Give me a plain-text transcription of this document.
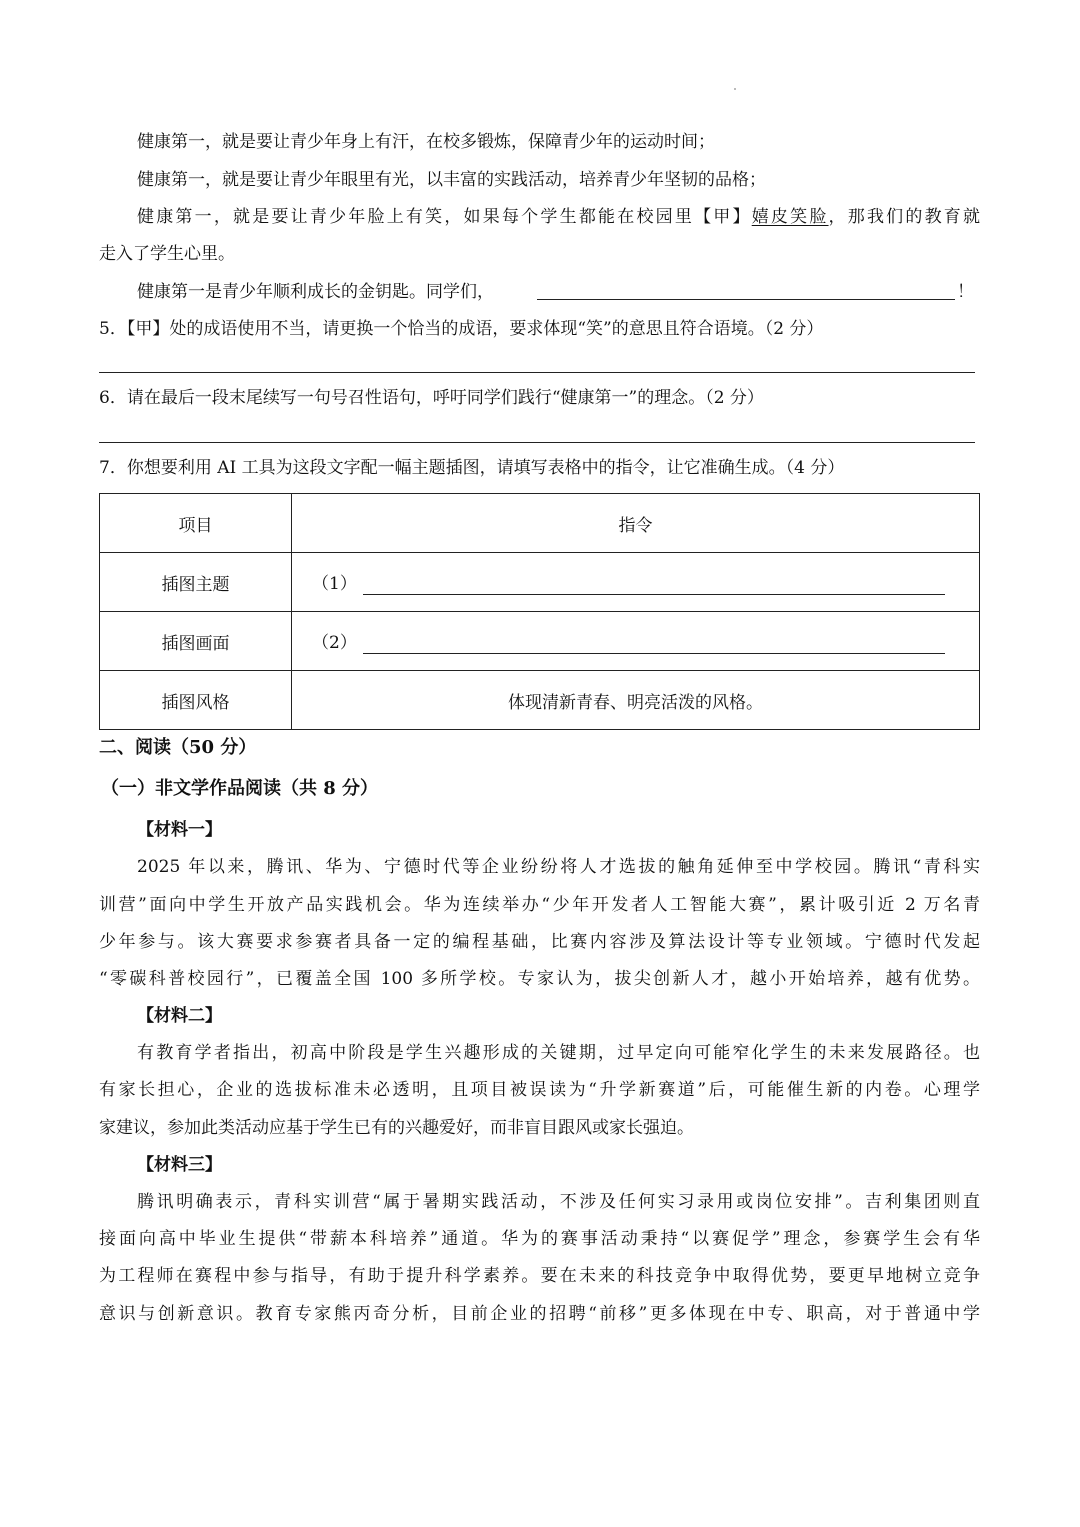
健康第一，就是要让青少年身上有汗，在校多锻炼，保障青少年的运动时间；
健康第一，就是要让青少年眼里有光，以丰富的实践活动，培养青少年坚韧的品格；
健康第一，就是要让青少年脸上有笑，如果每个学生都能在校园里【甲】嬉皮笑脸，那我们的教育就
走入了学生心里。
健康第一是青少年顺利成长的金钥匙。同学们，	！
5．【甲】处的成语使用不当，请更换一个恰当的成语，要求体现“笑”的意思且符合语境。（2 分）
6．请在最后一段末尾续写一句号召性语句，呼吁同学们践行“健康第一”的理念。（2 分）
7．你想要利用 AI 工具为这段文字配一幅主题插图，请填写表格中的指令，让它准确生成。（4 分）
项目	指令
插图主题	（1）
插图画面	（2）
插图风格	体现清新青春、明亮活泼的风格。
二、阅读（50 分）
（一）非文学作品阅读（共 8 分）
【材料一】
2025 年以来，腾讯、华为、宁德时代等企业纷纷将人才选拔的触角延伸至中学校园。腾讯“青科实
训营”面向中学生开放产品实践机会。华为连续举办“少年开发者人工智能大赛”，累计吸引近 2 万名青
少年参与。该大赛要求参赛者具备一定的编程基础，比赛内容涉及算法设计等专业领域。宁德时代发起
“零碳科普校园行”，已覆盖全国 100 多所学校。专家认为，拔尖创新人才，越小开始培养，越有优势。
【材料二】
有教育学者指出，初高中阶段是学生兴趣形成的关键期，过早定向可能窄化学生的未来发展路径。也
有家长担心，企业的选拔标准未必透明，且项目被误读为“升学新赛道”后，可能催生新的内卷。心理学
家建议，参加此类活动应基于学生已有的兴趣爱好，而非盲目跟风或家长强迫。
【材料三】
腾讯明确表示，青科实训营“属于暑期实践活动，不涉及任何实习录用或岗位安排”。吉利集团则直
接面向高中毕业生提供“带薪本科培养”通道。华为的赛事活动秉持“以赛促学”理念，参赛学生会有华
为工程师在赛程中参与指导，有助于提升科学素养。要在未来的科技竞争中取得优势，要更早地树立竞争
意识与创新意识。教育专家熊丙奇分析，目前企业的招聘“前移”更多体现在中专、职高，对于普通中学
